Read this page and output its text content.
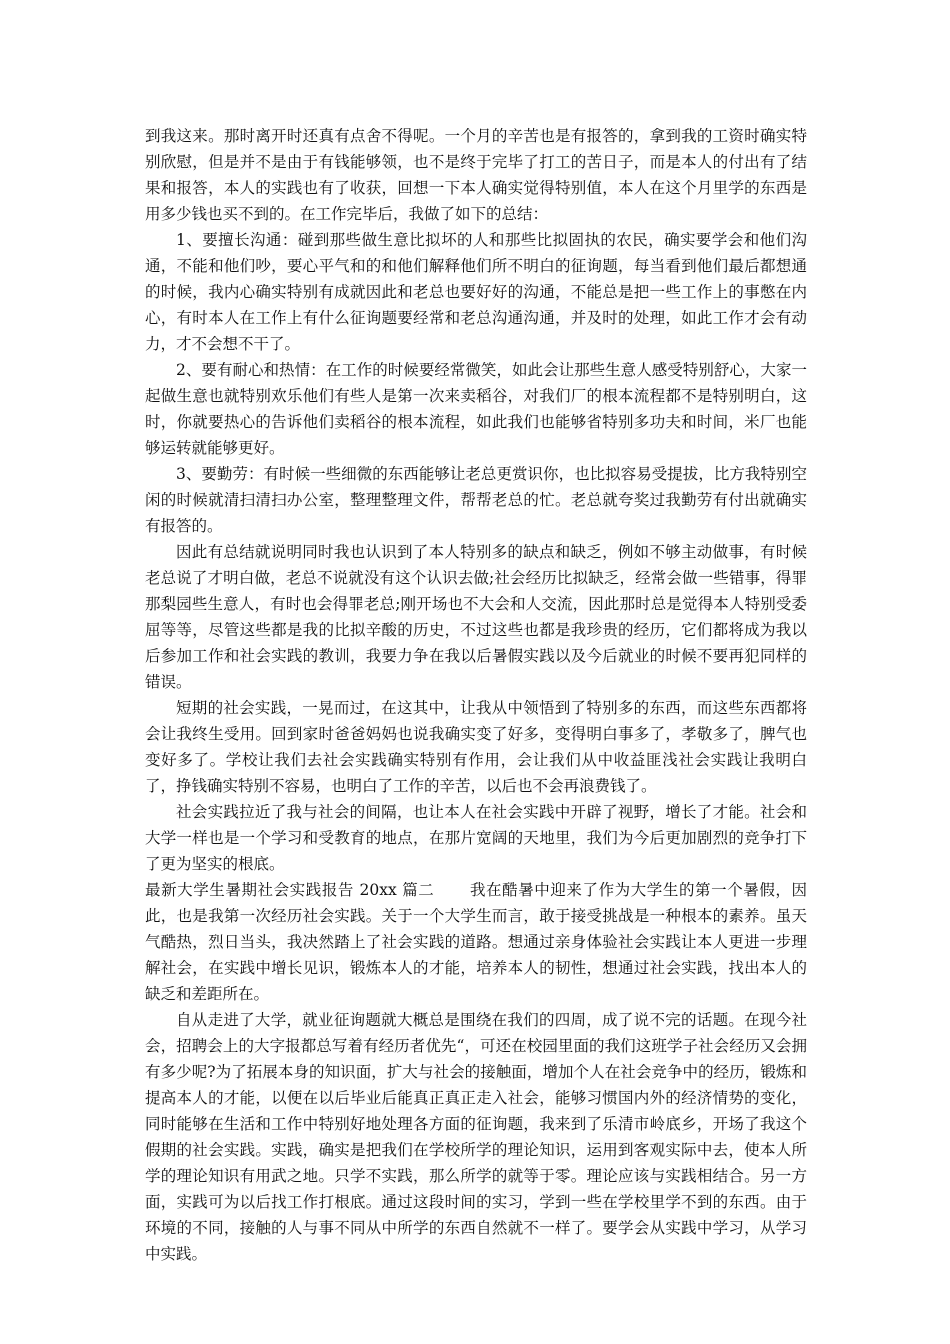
到我这来。那时离开时还真有点舍不得呢。一个月的辛苦也是有报答的，拿到我的工资时确实特别欣慰，但是并不是由于有钱能够领，也不是终于完毕了打工的苦日子，而是本人的付出有了结果和报答，本人的实践也有了收获，回想一下本人确实觉得特别值，本人在这个月里学的东西是用多少钱也买不到的。在工作完毕后，我做了如下的总结：

1、要擅长沟通：碰到那些做生意比拟坏的人和那些比拟固执的农民，确实要学会和他们沟通，不能和他们吵，要心平气和的和他们解释他们所不明白的征询题，每当看到他们最后都想通的时候，我内心确实特别有成就因此和老总也要好好的沟通，不能总是把一些工作上的事憋在内心，有时本人在工作上有什么征询题要经常和老总沟通沟通，并及时的处理，如此工作才会有动力，才不会想不干了。

2、要有耐心和热情：在工作的时候要经常微笑，如此会让那些生意人感受特别舒心，大家一起做生意也就特别欢乐他们有些人是第一次来卖稻谷，对我们厂的根本流程都不是特别明白，这时，你就要热心的告诉他们卖稻谷的根本流程，如此我们也能够省特别多功夫和时间，米厂也能够运转就能够更好。

3、要勤劳：有时候一些细微的东西能够让老总更赏识你，也比拟容易受提拔，比方我特别空闲的时候就清扫清扫办公室，整理整理文件，帮帮老总的忙。老总就夸奖过我勤劳有付出就确实有报答的。

因此有总结就说明同时我也认识到了本人特别多的缺点和缺乏，例如不够主动做事，有时候老总说了才明白做，老总不说就没有这个认识去做;社会经历比拟缺乏，经常会做一些错事，得罪那梨园些生意人，有时也会得罪老总;刚开场也不大会和人交流，因此那时总是觉得本人特别受委屈等等，尽管这些都是我的比拟辛酸的历史，不过这些也都是我珍贵的经历，它们都将成为我以后参加工作和社会实践的教训，我要力争在我以后暑假实践以及今后就业的时候不要再犯同样的错误。

短期的社会实践，一晃而过，在这其中，让我从中领悟到了特别多的东西，而这些东西都将会让我终生受用。回到家时爸爸妈妈也说我确实变了好多，变得明白事多了，孝敬多了，脾气也变好多了。学校让我们去社会实践确实特别有作用，会让我们从中收益匪浅社会实践让我明白了，挣钱确实特别不容易，也明白了工作的辛苦，以后也不会再浪费钱了。

社会实践拉近了我与社会的间隔，也让本人在社会实践中开辟了视野，增长了才能。社会和大学一样也是一个学习和受教育的地点，在那片宽阔的天地里，我们为今后更加剧烈的竞争打下了更为坚实的根底。

最新大学生暑期社会实践报告 20xx 篇二 我在酷暑中迎来了作为大学生的第一个暑假，因此，也是我第一次经历社会实践。关于一个大学生而言，敢于接受挑战是一种根本的素养。虽天气酷热，烈日当头，我决然踏上了社会实践的道路。想通过亲身体验社会实践让本人更进一步理解社会，在实践中增长见识，锻炼本人的才能，培养本人的韧性，想通过社会实践，找出本人的缺乏和差距所在。

自从走进了大学，就业征询题就大概总是围绕在我们的四周，成了说不完的话题。在现今社会，招聘会上的大字报都总写着有经历者优先“，可还在校园里面的我们这班学子社会经历又会拥有多少呢?为了拓展本身的知识面，扩大与社会的接触面，增加个人在社会竞争中的经历，锻炼和提高本人的才能，以便在以后毕业后能真正真正走入社会，能够习惯国内外的经济情势的变化，同时能够在生活和工作中特别好地处理各方面的征询题，我来到了乐清市岭底乡，开场了我这个假期的社会实践。实践，确实是把我们在学校所学的理论知识，运用到客观实际中去，使本人所学的理论知识有用武之地。只学不实践，那么所学的就等于零。理论应该与实践相结合。另一方面，实践可为以后找工作打根底。通过这段时间的实习，学到一些在学校里学不到的东西。由于环境的不同，接触的人与事不同从中所学的东西自然就不一样了。要学会从实践中学习，从学习中实践。
